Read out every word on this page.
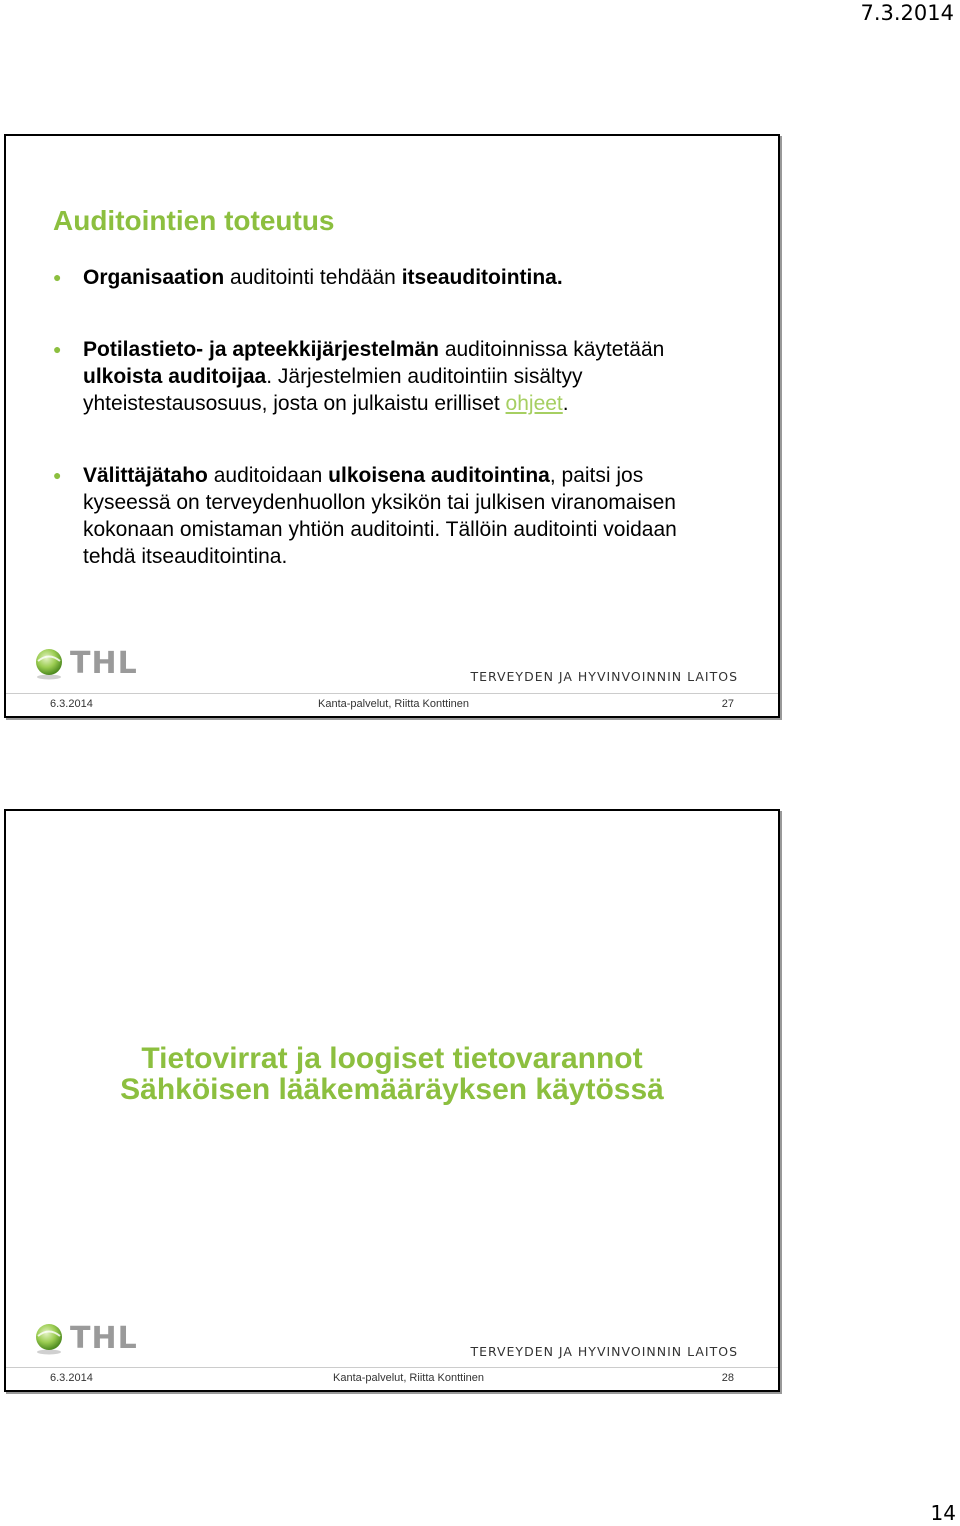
7.3.2014
Auditointien toteutus
● Organisaation auditointi tehdään itseauditointina.
● Potilastieto- ja apteekkijärjestelmän auditoinnissa käytetään ulkoista auditoijaa. Järjestelmien auditointiin sisältyy yhteistestausosuus, josta on julkaistu erilliset ohjeet.
● Välittäjätaho auditoidaan ulkoisena auditointina, paitsi jos kyseessä on terveydenhuollon yksikön tai julkisen viranomaisen kokonaan omistaman yhtiön auditointi. Tällöin auditointi voidaan tehdä itseauditointina.
THL	TERVEYDEN JA HYVINVOINNIN LAITOS
6.3.2014	Kanta-palvelut, Riitta Konttinen	27
Tietovirrat ja loogiset tietovarannot
Sähköisen lääkemääräyksen käytössä
THL	TERVEYDEN JA HYVINVOINNIN LAITOS
6.3.2014	Kanta-palvelut, Riitta Konttinen	28
14
